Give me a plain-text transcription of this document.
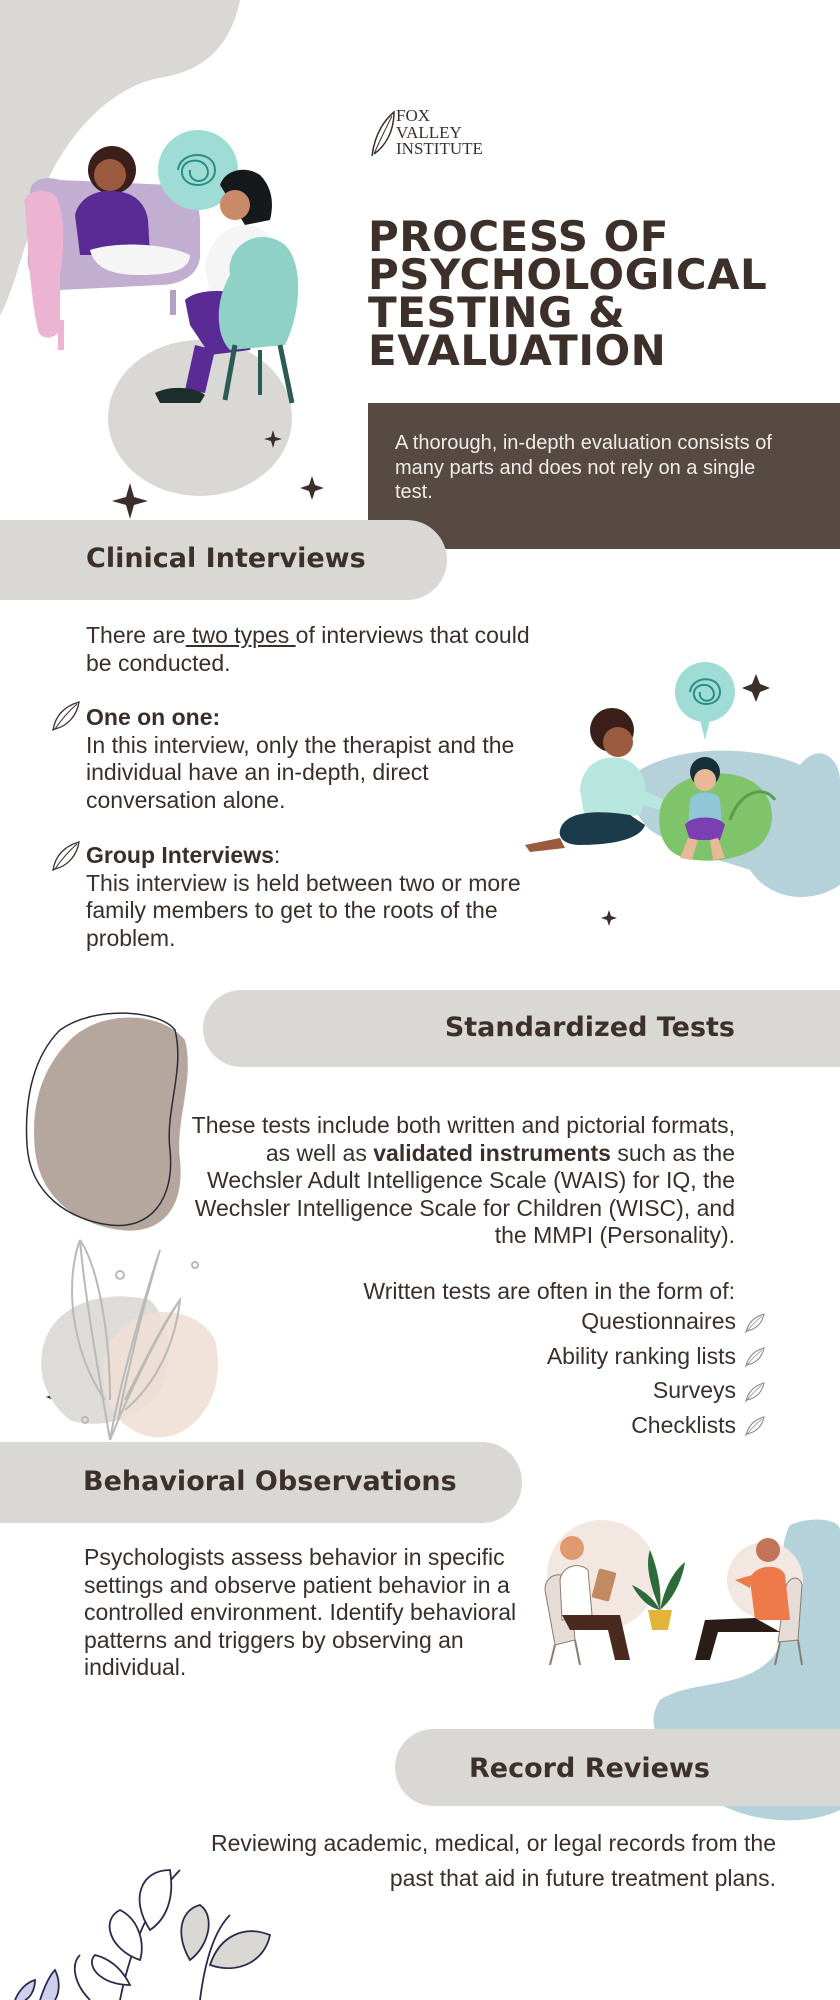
FOX
VALLEY
INSTITUTE
PROCESS OF
PSYCHOLOGICAL
TESTING &
EVALUATION
A thorough, in-depth evaluation consists of many parts and does not rely on a single test.
Clinical Interviews
There are two types of interviews that could be conducted.
One on one:
In this interview, only the therapist and the individual have an in-depth, direct conversation alone.
Group Interviews:
This interview is held between two or more family members to get to the roots of the problem.
Standardized Tests
These tests include both written and pictorial formats, as well as validated instruments such as the Wechsler Adult Intelligence Scale (WAIS) for IQ, the Wechsler Intelligence Scale for Children (WISC), and the MMPI (Personality).
Written tests are often in the form of:
Questionnaires
Ability ranking lists
Surveys
Checklists
Behavioral Observations
Psychologists assess behavior in specific settings and observe patient behavior in a controlled environment. Identify behavioral patterns and triggers by observing an individual.
Record Reviews
Reviewing academic, medical, or legal records from the past that aid in future treatment plans.
